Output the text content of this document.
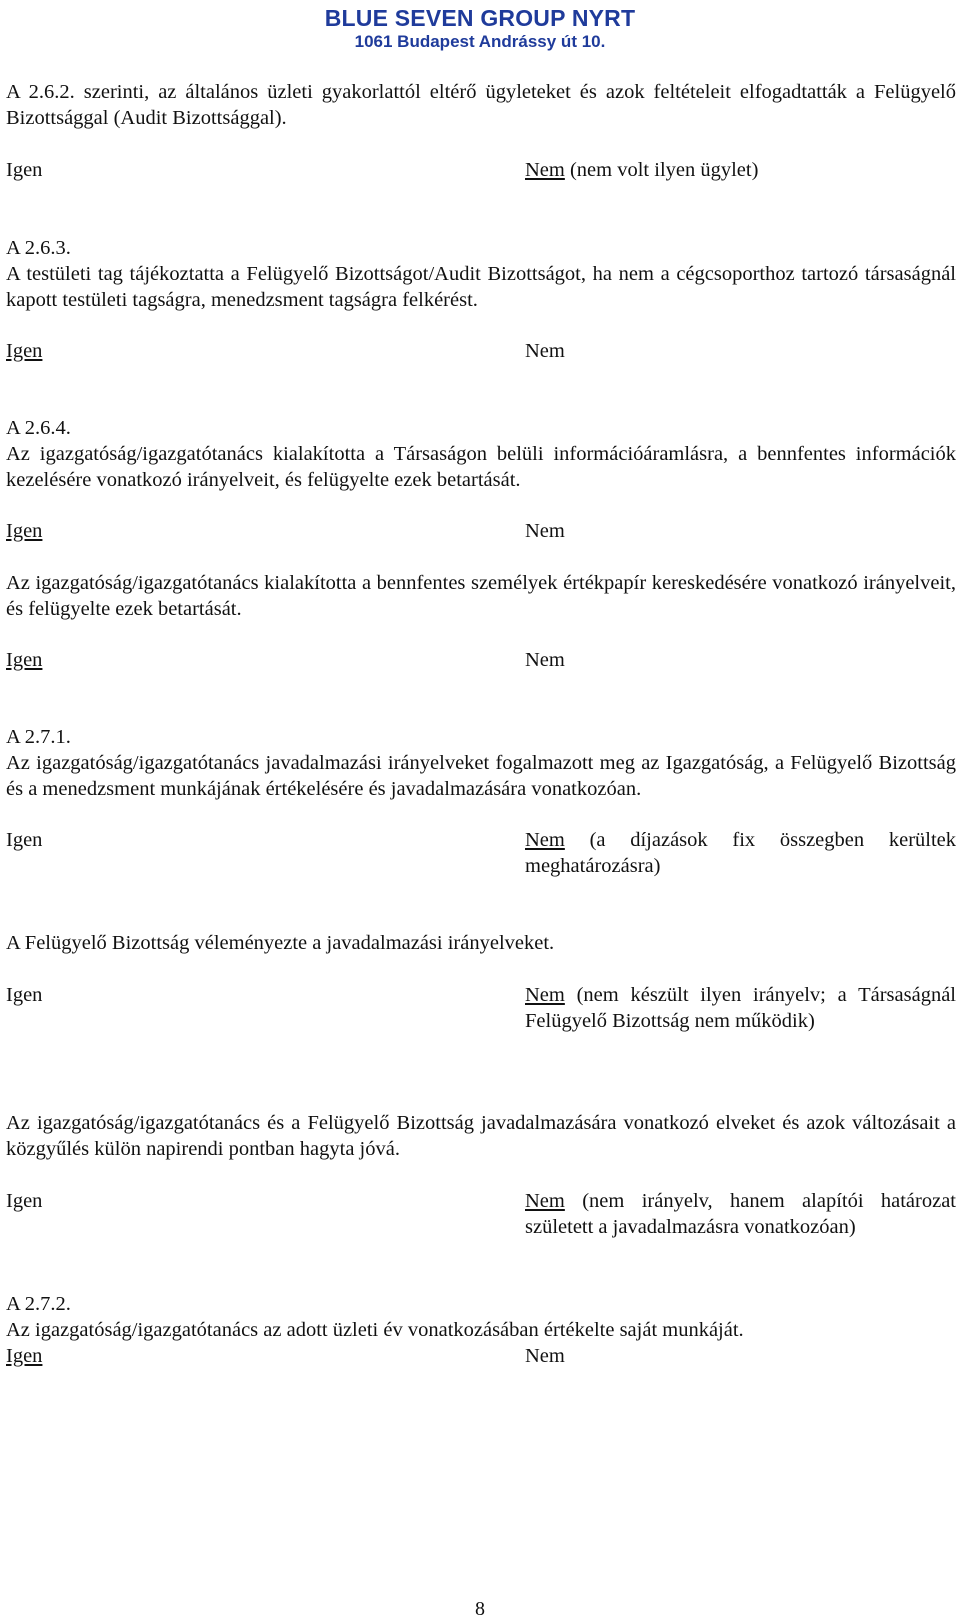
BLUE SEVEN GROUP NYRT
1061 Budapest Andrássy út 10.
A 2.6.2. szerinti, az általános üzleti gyakorlattól eltérő ügyleteket és azok feltételeit elfogadtatták a Felügyelő Bizottsággal (Audit Bizottsággal).
Igen	Nem (nem volt ilyen ügylet)
A 2.6.3.
A testületi tag tájékoztatta a Felügyelő Bizottságot/Audit Bizottságot, ha nem a cégcsoporthoz tartozó társaságnál kapott testületi tagságra, menedzsment tagságra felkérést.
Igen	Nem
A 2.6.4.
Az igazgatóság/igazgatótanács kialakította a Társaságon belüli információáramlásra, a bennfentes információk kezelésére vonatkozó irányelveit, és felügyelte ezek betartását.
Igen	Nem
Az igazgatóság/igazgatótanács kialakította a bennfentes személyek értékpapír kereskedésére vonatkozó irányelveit, és felügyelte ezek betartását.
Igen	Nem
A 2.7.1.
Az igazgatóság/igazgatótanács javadalmazási irányelveket fogalmazott meg az Igazgatóság, a Felügyelő Bizottság és a menedzsment munkájának értékelésére és javadalmazására vonatkozóan.
Igen	Nem (a díjazások fix összegben kerültek meghatározásra)
A Felügyelő Bizottság véleményezte a javadalmazási irányelveket.
Igen	Nem (nem készült ilyen irányelv; a Társaságnál Felügyelő Bizottság nem működik)
Az igazgatóság/igazgatótanács és a Felügyelő Bizottság javadalmazására vonatkozó elveket és azok változásait a közgyűlés külön napirendi pontban hagyta jóvá.
Igen	Nem (nem irányelv, hanem alapítói határozat született a javadalmazásra vonatkozóan)
A 2.7.2.
Az igazgatóság/igazgatótanács az adott üzleti év vonatkozásában értékelte saját munkáját.
Igen	Nem
8
